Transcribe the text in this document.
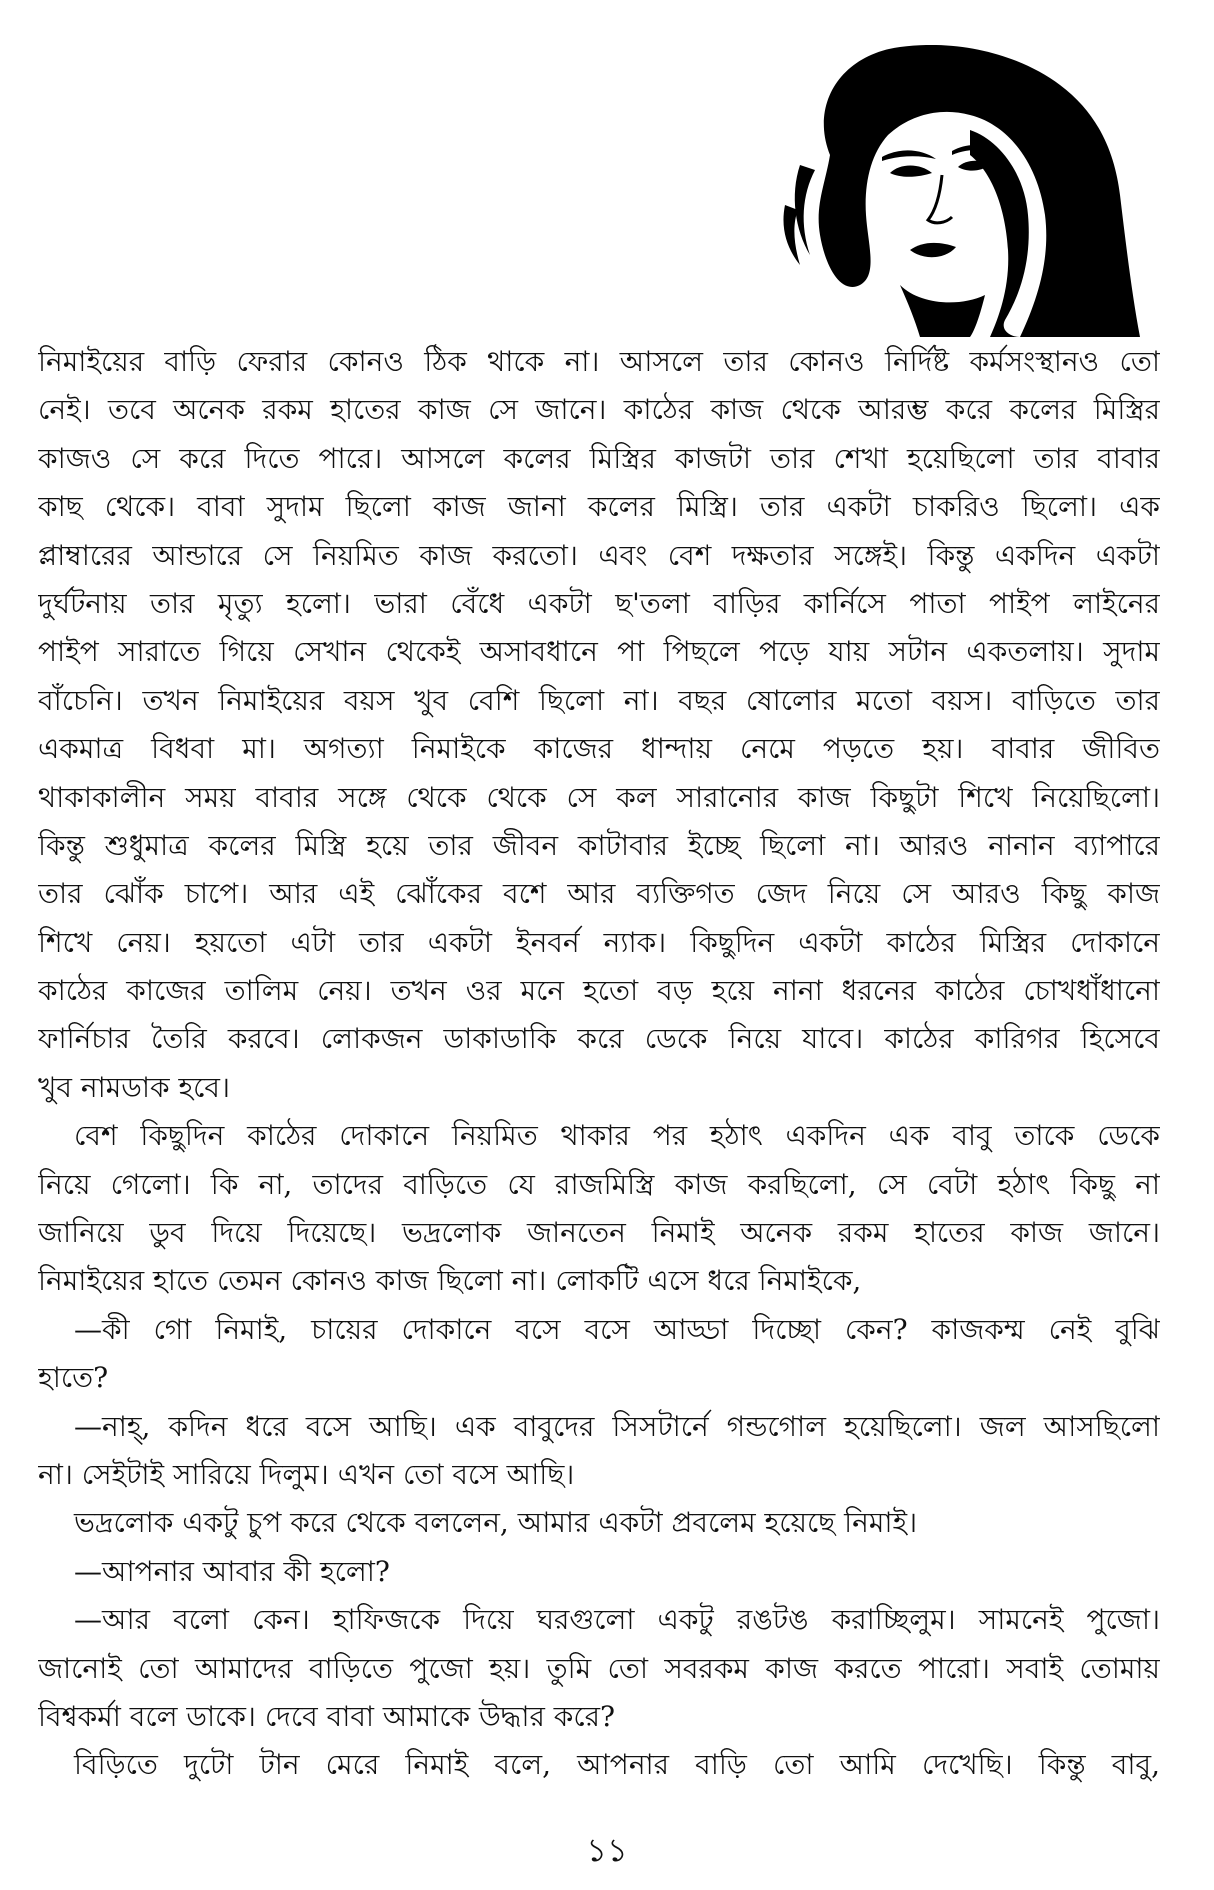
নিমাইয়ের বাড়ি ফেরার কোনও ঠিক থাকে না। আসলে তার কোনও নির্দিষ্ট কর্মসংস্থানও তো
নেই। তবে অনেক রকম হাতের কাজ সে জানে। কাঠের কাজ থেকে আরম্ভ করে কলের মিস্ত্রির
কাজও সে করে দিতে পারে। আসলে কলের মিস্ত্রির কাজটা তার শেখা হয়েছিলো তার বাবার
কাছ থেকে। বাবা সুদাম ছিলো কাজ জানা কলের মিস্ত্রি। তার একটা চাকরিও ছিলো। এক
প্লাম্বারের আন্ডারে সে নিয়মিত কাজ করতো। এবং বেশ দক্ষতার সঙ্গেই। কিন্তু একদিন একটা
দুর্ঘটনায় তার মৃত্যু হলো। ভারা বেঁধে একটা ছ'তলা বাড়ির কার্নিসে পাতা পাইপ লাইনের
পাইপ সারাতে গিয়ে সেখান থেকেই অসাবধানে পা পিছলে পড়ে যায় সটান একতলায়। সুদাম
বাঁচেনি। তখন নিমাইয়ের বয়স খুব বেশি ছিলো না। বছর ষোলোর মতো বয়স। বাড়িতে তার
একমাত্র বিধবা মা। অগত্যা নিমাইকে কাজের ধান্দায় নেমে পড়তে হয়। বাবার জীবিত
থাকাকালীন সময় বাবার সঙ্গে থেকে থেকে সে কল সারানোর কাজ কিছুটা শিখে নিয়েছিলো।
কিন্তু শুধুমাত্র কলের মিস্ত্রি হয়ে তার জীবন কাটাবার ইচ্ছে ছিলো না। আরও নানান ব্যাপারে
তার ঝোঁক চাপে। আর এই ঝোঁকের বশে আর ব্যক্তিগত জেদ নিয়ে সে আরও কিছু কাজ
শিখে নেয়। হয়তো এটা তার একটা ইনবর্ন ন্যাক। কিছুদিন একটা কাঠের মিস্ত্রির দোকানে
কাঠের কাজের তালিম নেয়। তখন ওর মনে হতো বড় হয়ে নানা ধরনের কাঠের চোখধাঁধানো
ফার্নিচার তৈরি করবে। লোকজন ডাকাডাকি করে ডেকে নিয়ে যাবে। কাঠের কারিগর হিসেবে
খুব নামডাক হবে।
বেশ কিছুদিন কাঠের দোকানে নিয়মিত থাকার পর হঠাৎ একদিন এক বাবু তাকে ডেকে
নিয়ে গেলো। কি না, তাদের বাড়িতে যে রাজমিস্ত্রি কাজ করছিলো, সে বেটা হঠাৎ কিছু না
জানিয়ে ডুব দিয়ে দিয়েছে। ভদ্রলোক জানতেন নিমাই অনেক রকম হাতের কাজ জানে।
নিমাইয়ের হাতে তেমন কোনও কাজ ছিলো না। লোকটি এসে ধরে নিমাইকে,
—কী গো নিমাই, চায়ের দোকানে বসে বসে আড্ডা দিচ্ছো কেন? কাজকম্ম নেই বুঝি
হাতে?
—নাহ্, কদিন ধরে বসে আছি। এক বাবুদের সিসটার্নে গন্ডগোল হয়েছিলো। জল আসছিলো
না। সেইটাই সারিয়ে দিলুম। এখন তো বসে আছি।
ভদ্রলোক একটু চুপ করে থেকে বললেন, আমার একটা প্রবলেম হয়েছে নিমাই।
—আপনার আবার কী হলো?
—আর বলো কেন। হাফিজকে দিয়ে ঘরগুলো একটু রঙটঙ করাচ্ছিলুম। সামনেই পুজো।
জানোই তো আমাদের বাড়িতে পুজো হয়। তুমি তো সবরকম কাজ করতে পারো। সবাই তোমায়
বিশ্বকর্মা বলে ডাকে। দেবে বাবা আমাকে উদ্ধার করে?
বিড়িতে দুটো টান মেরে নিমাই বলে, আপনার বাড়ি তো আমি দেখেছি। কিন্তু বাবু,
১১
